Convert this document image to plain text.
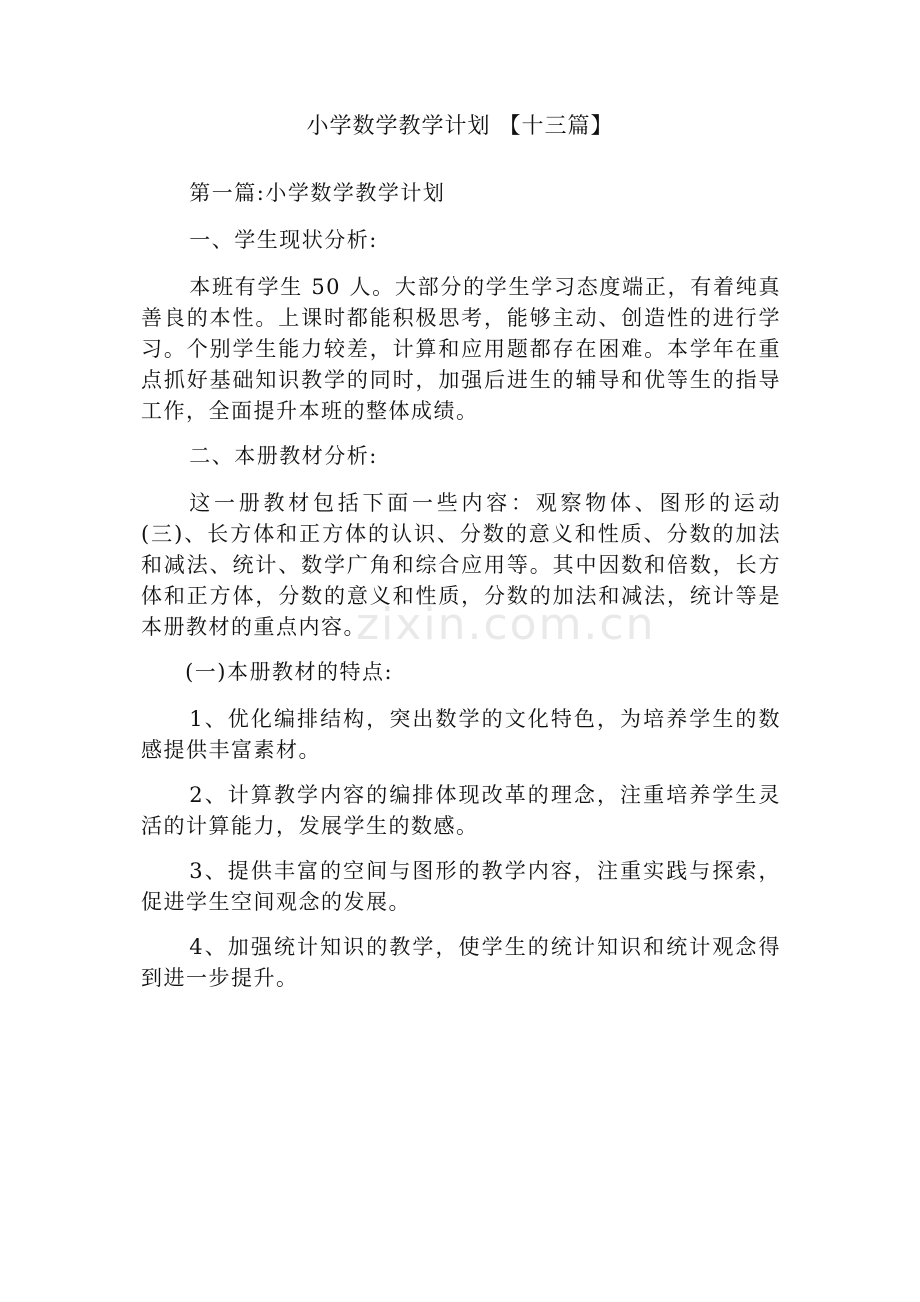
zixin.com.cn
小学数学教学计划 【十三篇】

第一篇:小学数学教学计划

一、学生现状分析:

本班有学生 50 人。大部分的学生学习态度端正，有着纯真善良的本性。上课时都能积极思考，能够主动、创造性的进行学习。个别学生能力较差，计算和应用题都存在困难。本学年在重点抓好基础知识教学的同时，加强后进生的辅导和优等生的指导工作，全面提升本班的整体成绩。

二、本册教材分析:

这一册教材包括下面一些内容：观察物体、图形的运动(三)、长方体和正方体的认识、分数的意义和性质、分数的加法和减法、统计、数学广角和综合应用等。其中因数和倍数，长方体和正方体，分数的意义和性质，分数的加法和减法，统计等是本册教材的重点内容。

(一)本册教材的特点:

1、优化编排结构，突出数学的文化特色，为培养学生的数感提供丰富素材。

2、计算教学内容的编排体现改革的理念，注重培养学生灵活的计算能力，发展学生的数感。

3、提供丰富的空间与图形的教学内容，注重实践与探索，促进学生空间观念的发展。

4、加强统计知识的教学，使学生的统计知识和统计观念得到进一步提升。
